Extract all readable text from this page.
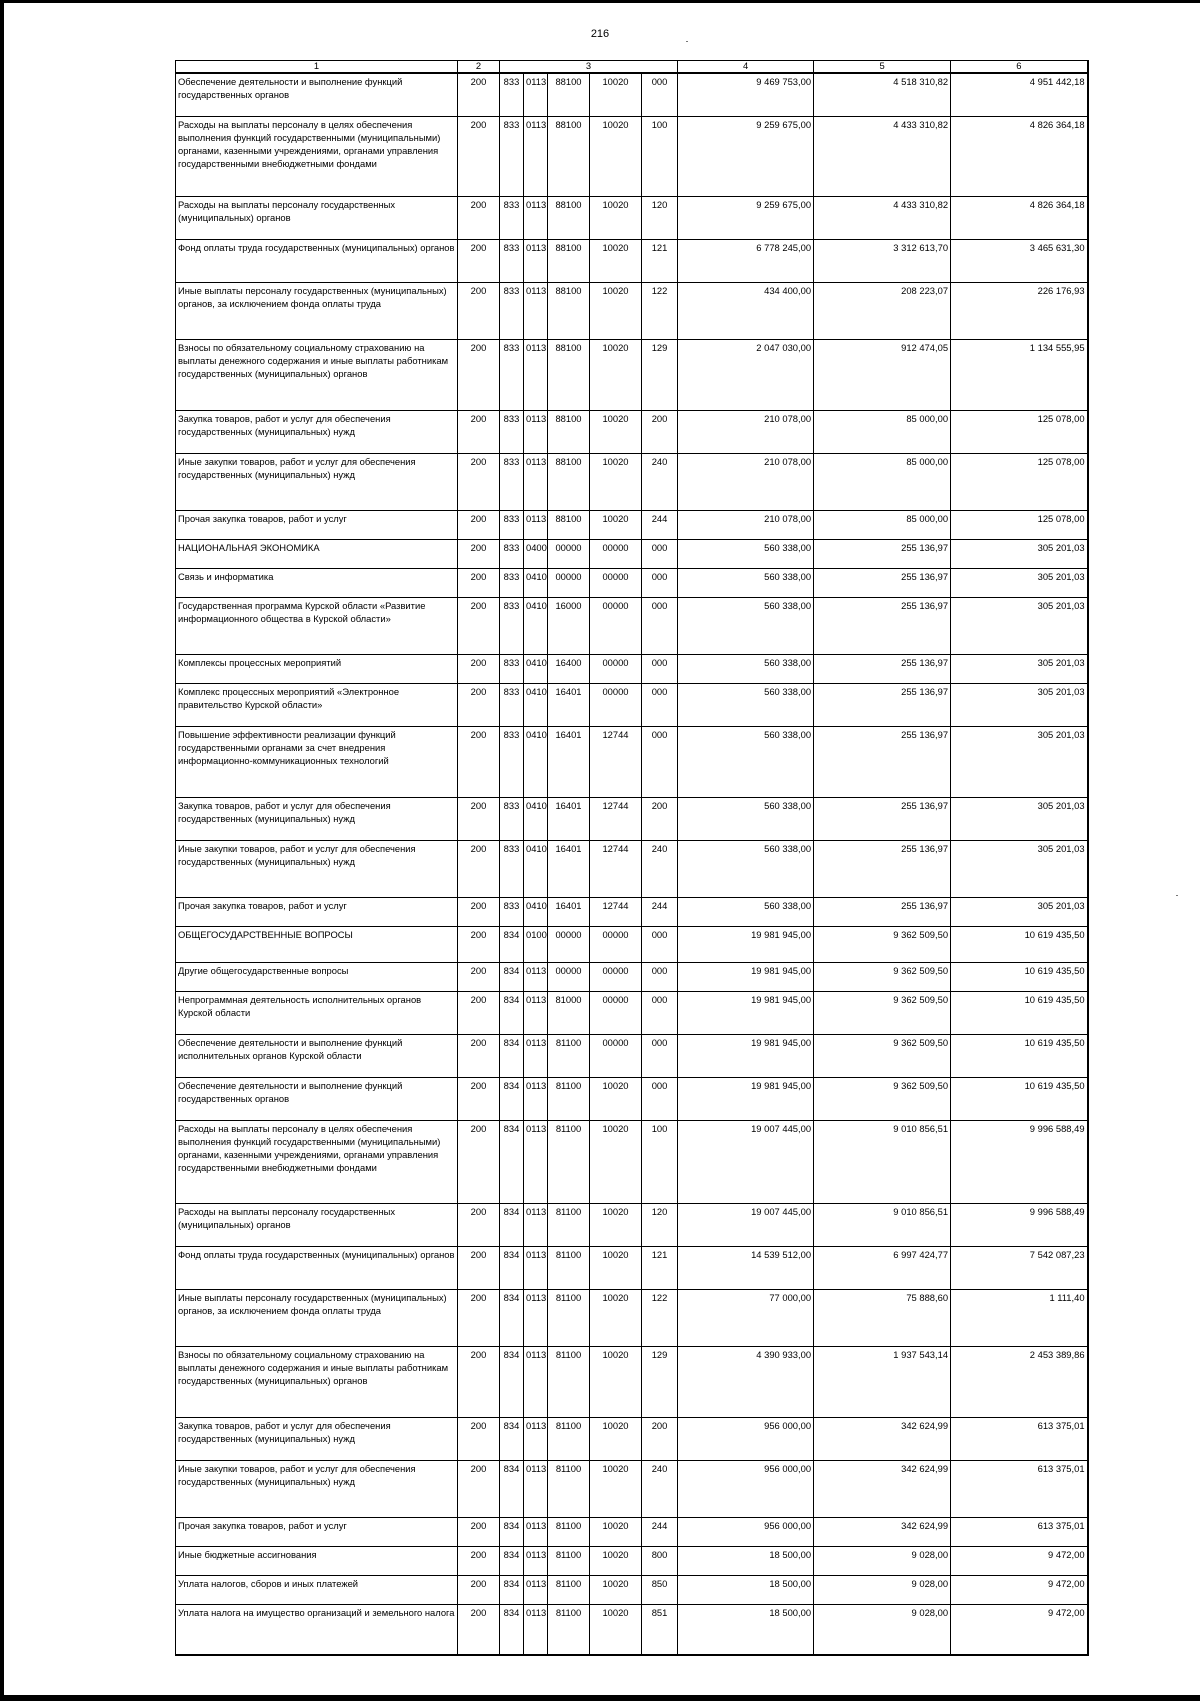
216
1	2	3					4	5	6
Обеспечение деятельности и выполнение функций государственных органов	200	833	0113	88100	10020	000	9 469 753,00	4 518 310,82	4 951 442,18
Расходы на выплаты персоналу в целях обеспечения выполнения функций государственными (муниципальными) органами, казенными учреждениями, органами управления государственными внебюджетными фондами	200	833	0113	88100	10020	100	9 259 675,00	4 433 310,82	4 826 364,18
Расходы на выплаты персоналу государственных (муниципальных) органов	200	833	0113	88100	10020	120	9 259 675,00	4 433 310,82	4 826 364,18
Фонд оплаты труда государственных (муниципальных) органов	200	833	0113	88100	10020	121	6 778 245,00	3 312 613,70	3 465 631,30
Иные выплаты персоналу государственных (муниципальных) органов, за исключением фонда оплаты труда	200	833	0113	88100	10020	122	434 400,00	208 223,07	226 176,93
Взносы по обязательному социальному страхованию на выплаты денежного содержания и иные выплаты работникам государственных (муниципальных) органов	200	833	0113	88100	10020	129	2 047 030,00	912 474,05	1 134 555,95
Закупка товаров, работ и услуг для обеспечения государственных (муниципальных) нужд	200	833	0113	88100	10020	200	210 078,00	85 000,00	125 078,00
Иные закупки товаров, работ и услуг для обеспечения государственных (муниципальных) нужд	200	833	0113	88100	10020	240	210 078,00	85 000,00	125 078,00
Прочая закупка товаров, работ и услуг	200	833	0113	88100	10020	244	210 078,00	85 000,00	125 078,00
НАЦИОНАЛЬНАЯ ЭКОНОМИКА	200	833	0400	00000	00000	000	560 338,00	255 136,97	305 201,03
Связь и информатика	200	833	0410	00000	00000	000	560 338,00	255 136,97	305 201,03
Государственная программа Курской области «Развитие информационного общества в Курской области»	200	833	0410	16000	00000	000	560 338,00	255 136,97	305 201,03
Комплексы процессных мероприятий	200	833	0410	16400	00000	000	560 338,00	255 136,97	305 201,03
Комплекс процессных мероприятий «Электронное правительство Курской области»	200	833	0410	16401	00000	000	560 338,00	255 136,97	305 201,03
Повышение эффективности реализации функций государственными органами за счет внедрения информационно-коммуникационных технологий	200	833	0410	16401	12744	000	560 338,00	255 136,97	305 201,03
Закупка товаров, работ и услуг для обеспечения государственных (муниципальных) нужд	200	833	0410	16401	12744	200	560 338,00	255 136,97	305 201,03
Иные закупки товаров, работ и услуг для обеспечения государственных (муниципальных) нужд	200	833	0410	16401	12744	240	560 338,00	255 136,97	305 201,03
Прочая закупка товаров, работ и услуг	200	833	0410	16401	12744	244	560 338,00	255 136,97	305 201,03
ОБЩЕГОСУДАРСТВЕННЫЕ ВОПРОСЫ	200	834	0100	00000	00000	000	19 981 945,00	9 362 509,50	10 619 435,50
Другие общегосударственные вопросы	200	834	0113	00000	00000	000	19 981 945,00	9 362 509,50	10 619 435,50
Непрограммная деятельность исполнительных органов Курской области	200	834	0113	81000	00000	000	19 981 945,00	9 362 509,50	10 619 435,50
Обеспечение деятельности и выполнение функций исполнительных органов Курской области	200	834	0113	81100	00000	000	19 981 945,00	9 362 509,50	10 619 435,50
Обеспечение деятельности и выполнение функций государственных органов	200	834	0113	81100	10020	000	19 981 945,00	9 362 509,50	10 619 435,50
Расходы на выплаты персоналу в целях обеспечения выполнения функций государственными (муниципальными) органами, казенными учреждениями, органами управления государственными внебюджетными фондами	200	834	0113	81100	10020	100	19 007 445,00	9 010 856,51	9 996 588,49
Расходы на выплаты персоналу государственных (муниципальных) органов	200	834	0113	81100	10020	120	19 007 445,00	9 010 856,51	9 996 588,49
Фонд оплаты труда государственных (муниципальных) органов	200	834	0113	81100	10020	121	14 539 512,00	6 997 424,77	7 542 087,23
Иные выплаты персоналу государственных (муниципальных) органов, за исключением фонда оплаты труда	200	834	0113	81100	10020	122	77 000,00	75 888,60	1 111,40
Взносы по обязательному социальному страхованию на выплаты денежного содержания и иные выплаты работникам государственных (муниципальных) органов	200	834	0113	81100	10020	129	4 390 933,00	1 937 543,14	2 453 389,86
Закупка товаров, работ и услуг для обеспечения государственных (муниципальных) нужд	200	834	0113	81100	10020	200	956 000,00	342 624,99	613 375,01
Иные закупки товаров, работ и услуг для обеспечения государственных (муниципальных) нужд	200	834	0113	81100	10020	240	956 000,00	342 624,99	613 375,01
Прочая закупка товаров, работ и услуг	200	834	0113	81100	10020	244	956 000,00	342 624,99	613 375,01
Иные бюджетные ассигнования	200	834	0113	81100	10020	800	18 500,00	9 028,00	9 472,00
Уплата налогов, сборов и иных платежей	200	834	0113	81100	10020	850	18 500,00	9 028,00	9 472,00
Уплата налога на имущество организаций и земельного налога	200	834	0113	81100	10020	851	18 500,00	9 028,00	9 472,00
